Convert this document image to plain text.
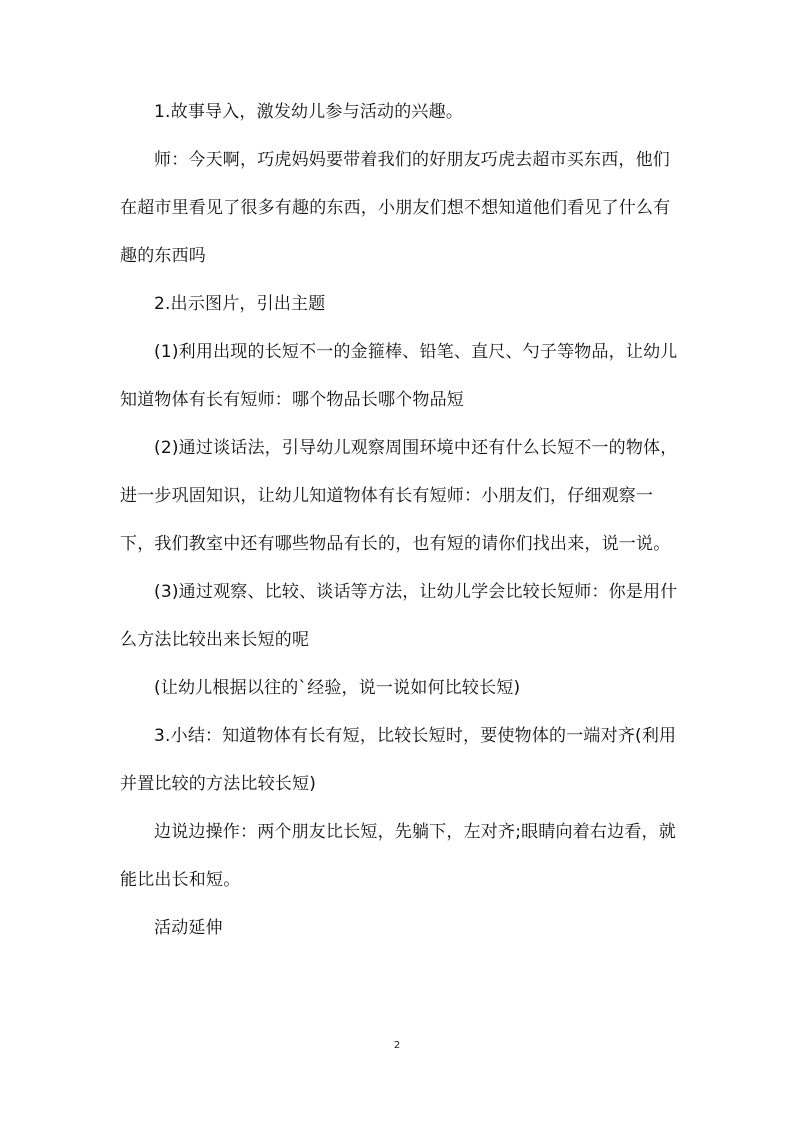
1.故事导入，激发幼儿参与活动的兴趣。

师：今天啊，巧虎妈妈要带着我们的好朋友巧虎去超市买东西，他们在超市里看见了很多有趣的东西，小朋友们想不想知道他们看见了什么有趣的东西吗

2.出示图片，引出主题

(1)利用出现的长短不一的金箍棒、铅笔、直尺、勺子等物品，让幼儿知道物体有长有短师：哪个物品长哪个物品短

(2)通过谈话法，引导幼儿观察周围环境中还有什么长短不一的物体，进一步巩固知识，让幼儿知道物体有长有短师：小朋友们，仔细观察一下，我们教室中还有哪些物品有长的，也有短的请你们找出来，说一说。

(3)通过观察、比较、谈话等方法，让幼儿学会比较长短师：你是用什么方法比较出来长短的呢

(让幼儿根据以往的`经验，说一说如何比较长短)

3.小结：知道物体有长有短，比较长短时，要使物体的一端对齐(利用并置比较的方法比较长短)

边说边操作：两个朋友比长短，先躺下，左对齐;眼睛向着右边看，就能比出长和短。

活动延伸

2
